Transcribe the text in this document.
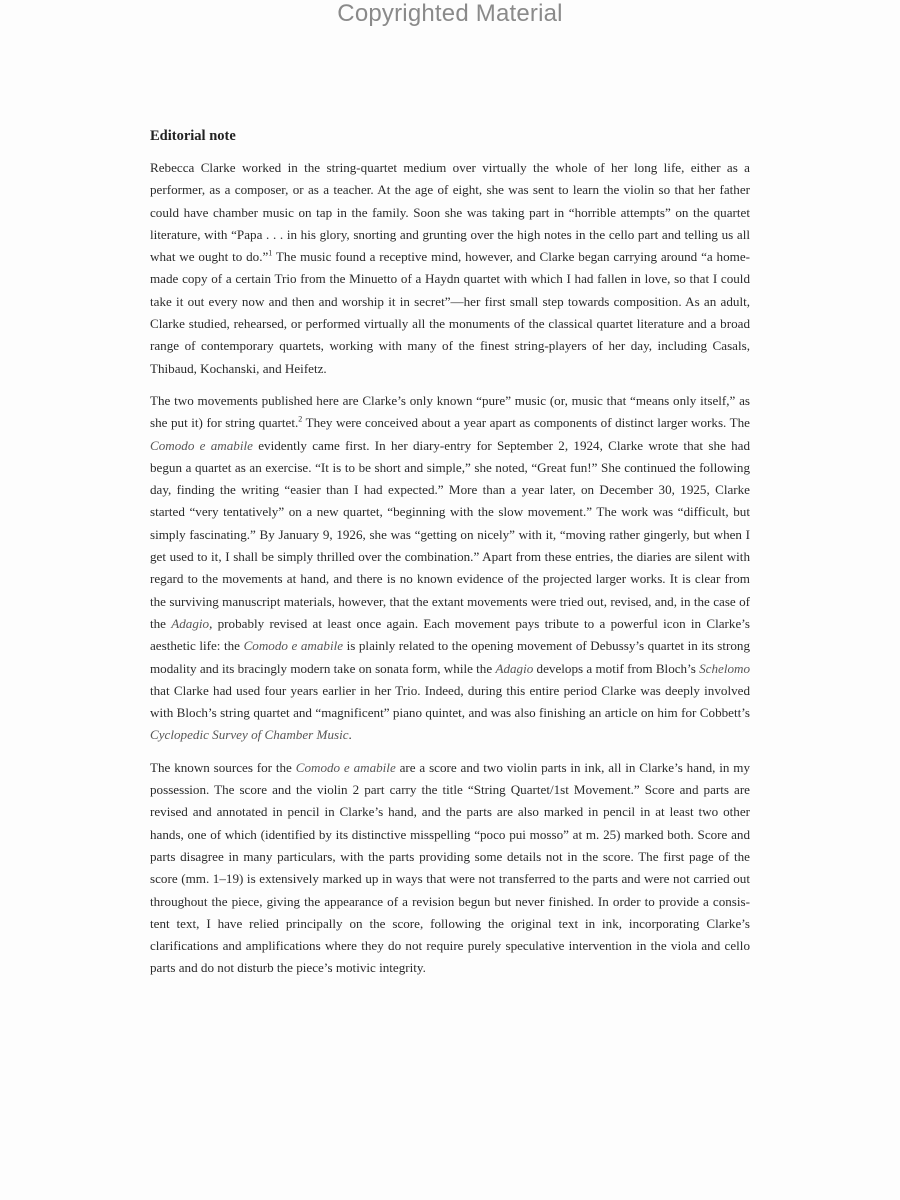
Copyrighted Material
Editorial note

Rebecca Clarke worked in the string-quartet medium over virtually the whole of her long life, either as a performer, as a composer, or as a teacher. At the age of eight, she was sent to learn the violin so that her father could have chamber music on tap in the family. Soon she was taking part in “horrible attempts” on the quartet literature, with “Papa . . . in his glory, snorting and grunting over the high notes in the cello part and telling us all what we ought to do.”$^1$ The music found a receptive mind, however, and Clarke began carrying around “a home-made copy of a certain Trio from the Minuetto of a Haydn quartet with which I had fallen in love, so that I could take it out every now and then and worship it in secret”—her first small step towards composition. As an adult, Clarke studied, rehearsed, or performed virtually all the monuments of the classical quartet literature and a broad range of contemporary quartets, working with many of the finest string-players of her day, including Casals, Thibaud, Kochanski, and Heifetz.

The two movements published here are Clarke’s only known “pure” music (or, music that “means only itself,” as she put it) for string quartet.$^2$ They were conceived about a year apart as components of distinct larger works. The Comodo e amabile evidently came first. In her diary-entry for September 2, 1924, Clarke wrote that she had begun a quartet as an exercise. “It is to be short and simple,” she noted, “Great fun!” She continued the following day, finding the writing “easier than I had expected.” More than a year later, on December 30, 1925, Clarke started “very tentatively” on a new quartet, “beginning with the slow movement.” The work was “difficult, but simply fascinating.” By January 9, 1926, she was “getting on nicely” with it, “moving rather gingerly, but when I get used to it, I shall be simply thrilled over the combination.” Apart from these entries, the diaries are silent with regard to the movements at hand, and there is no known evidence of the projected larger works. It is clear from the surviving manuscript materials, however, that the extant movements were tried out, revised, and, in the case of the Adagio, probably revised at least once again. Each movement pays tribute to a powerful icon in Clarke’s aesthetic life: the Comodo e amabile is plainly related to the opening movement of Debussy’s quartet in its strong modality and its bracingly modern take on sonata form, while the Adagio develops a motif from Bloch’s Schelomo that Clarke had used four years earlier in her Trio. Indeed, during this entire period Clarke was deeply involved with Bloch’s string quartet and “magnificent” piano quintet, and was also finishing an article on him for Cobbett’s Cyclopedic Survey of Chamber Music.

The known sources for the Comodo e amabile are a score and two violin parts in ink, all in Clarke’s hand, in my possession. The score and the violin 2 part carry the title “String Quartet/1st Movement.” Score and parts are revised and annotated in pencil in Clarke’s hand, and the parts are also marked in pencil in at least two other hands, one of which (identified by its distinctive misspelling “poco pui mosso” at m. 25) marked both. Score and parts disagree in many particulars, with the parts providing some details not in the score. The first page of the score (mm. 1–19) is extensively marked up in ways that were not transferred to the parts and were not carried out throughout the piece, giving the appearance of a revision begun but never finished. In order to provide a consistent text, I have relied principally on the score, following the original text in ink, incorporating Clarke’s clarifications and amplifications where they do not require purely speculative intervention in the viola and cello parts and do not disturb the piece’s motivic integrity.
